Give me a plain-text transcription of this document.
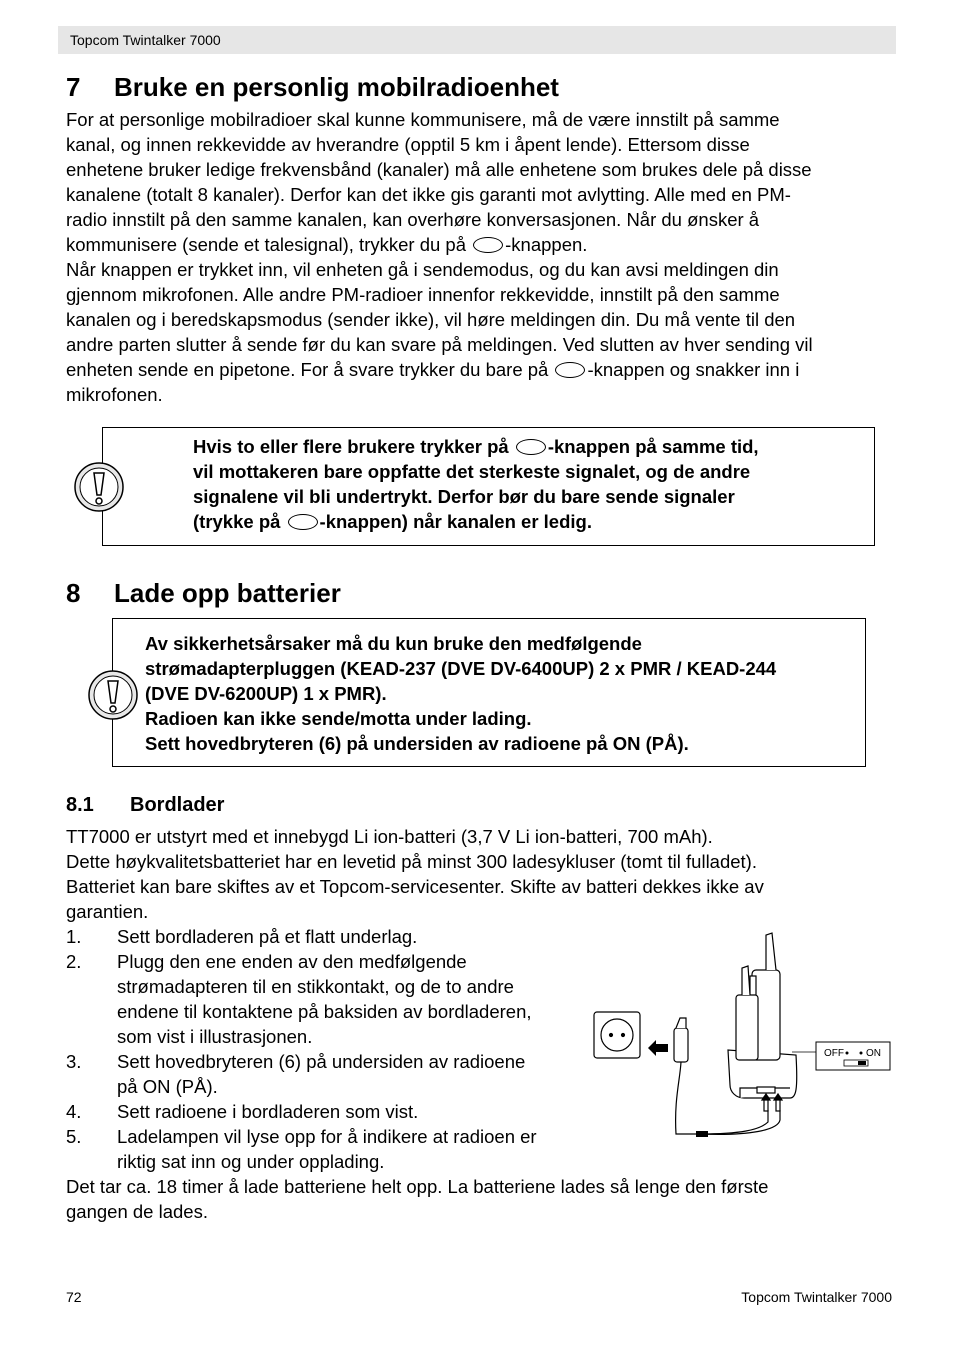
Topcom Twintalker 7000
7 Bruke en personlig mobilradioenhet
For at personlige mobilradioer skal kunne kommunisere, må de være innstilt på samme
kanal, og innen rekkevidde av hverandre (opptil 5 km i åpent lende). Ettersom disse
enhetene bruker ledige frekvensbånd (kanaler) må alle enhetene som brukes dele på disse
kanalene (totalt 8 kanaler). Derfor kan det ikke gis garanti mot avlytting. Alle med en PM-
radio innstilt på den samme kanalen, kan overhøre konversasjonen. Når du ønsker å
kommunisere (sende et talesignal), trykker du på -knappen.
Når knappen er trykket inn, vil enheten gå i sendemodus, og du kan avsi meldingen din
gjennom mikrofonen. Alle andre PM-radioer innenfor rekkevidde, innstilt på den samme
kanalen og i beredskapsmodus (sender ikke), vil høre meldingen din. Du må vente til den
andre parten slutter å sende før du kan svare på meldingen. Ved slutten av hver sending vil
enheten sende en pipetone. For å svare trykker du bare på -knappen og snakker inn i
mikrofonen.
Hvis to eller flere brukere trykker på -knappen på samme tid,
vil mottakeren bare oppfatte det sterkeste signalet, og de andre
signalene vil bli undertrykt. Derfor bør du bare sende signaler
(trykke på -knappen) når kanalen er ledig.
8 Lade opp batterier
Av sikkerhetsårsaker må du kun bruke den medfølgende
strømadapterpluggen (KEAD-237 (DVE DV-6400UP) 2 x PMR / KEAD-244
(DVE DV-6200UP) 1 x PMR).
Radioen kan ikke sende/motta under lading.
Sett hovedbryteren (6) på undersiden av radioene på ON (PÅ).
8.1 Bordlader
TT7000 er utstyrt med et innebygd Li ion-batteri (3,7 V Li ion-batteri, 700 mAh).
Dette høykvalitetsbatteriet har en levetid på minst 300 ladesykluser (tomt til fulladet).
Batteriet kan bare skiftes av et Topcom-servicesenter. Skifte av batteri dekkes ikke av
garantien.
1.	Sett bordladeren på et flatt underlag.
2.	Plugg den ene enden av den medfølgende
strømadapteren til en stikkontakt, og de to andre
endene til kontaktene på baksiden av bordladeren,
som vist i illustrasjonen.
3.	Sett hovedbryteren (6) på undersiden av radioene
på ON (PÅ).
4.	Sett radioene i bordladeren som vist.
5.	Ladelampen vil lyse opp for å indikere at radioen er
riktig sat inn og under opplading.
OFF ON
Det tar ca. 18 timer å lade batteriene helt opp. La batteriene lades så lenge den første
gangen de lades.
72	Topcom Twintalker 7000
